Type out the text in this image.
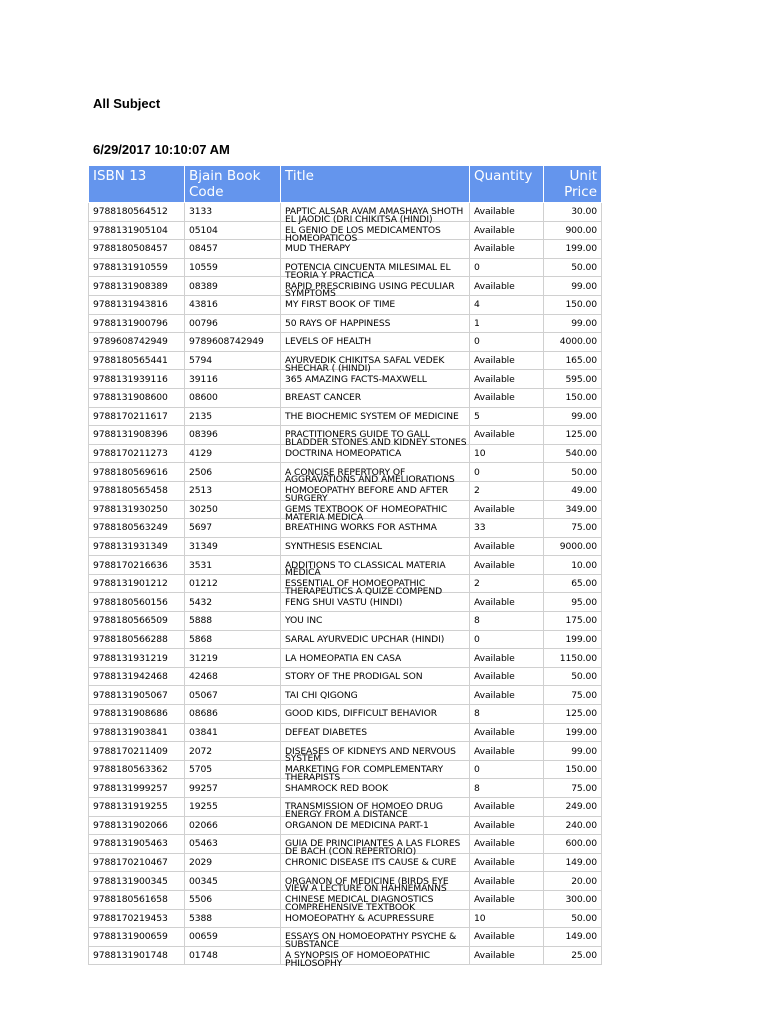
All Subject
6/29/2017 10:10:07 AM
ISBN 13	Bjain Book Code	Title	Quantity	Unit Price
9788180564512	3133	PAPTIC ALSAR AVAM AMASHAYA SHOTH
EL JAODIC (DRI CHIKITSA (HINDI)	Available	30.00
9788131905104	05104	EL GENIO DE LOS MEDICAMENTOS
HOMEOPATICOS	Available	900.00
9788180508457	08457	MUD THERAPY	Available	199.00
9788131910559	10559	POTENCIA CINCUENTA MILESIMAL EL
TEORIA Y PRACTICA	0	50.00
9788131908389	08389	RAPID PRESCRIBING USING PECULIAR
SYMPTOMS	Available	99.00
9788131943816	43816	MY FIRST BOOK OF TIME	4	150.00
9788131900796	00796	50 RAYS OF HAPPINESS	1	99.00
9789608742949	9789608742949	LEVELS OF HEALTH	0	4000.00
9788180565441	5794	AYURVEDIK CHIKITSA SAFAL VEDEK
SHECHAR ( (HINDI)	Available	165.00
9788131939116	39116	365 AMAZING FACTS-MAXWELL	Available	595.00
9788131908600	08600	BREAST CANCER	Available	150.00
9788170211617	2135	THE BIOCHEMIC SYSTEM OF MEDICINE	5	99.00
9788131908396	08396	PRACTITIONERS GUIDE TO GALL
BLADDER STONES AND KIDNEY STONES	Available	125.00
9788170211273	4129	DOCTRINA HOMEOPATICA	10	540.00
9788180569616	2506	A CONCISE REPERTORY OF
AGGRAVATIONS AND AMELIORATIONS	0	50.00
9788180565458	2513	HOMOEOPATHY BEFORE AND AFTER
SURGERY	2	49.00
9788131930250	30250	GEMS TEXTBOOK OF HOMEOPATHIC
MATERIA MEDICA	Available	349.00
9788180563249	5697	BREATHING WORKS FOR ASTHMA	33	75.00
9788131931349	31349	SYNTHESIS ESENCIAL	Available	9000.00
9788170216636	3531	ADDITIONS TO CLASSICAL MATERIA
MEDICA	Available	10.00
9788131901212	01212	ESSENTIAL OF HOMOEOPATHIC
THERAPEUTICS A QUIZE COMPEND	2	65.00
9788180560156	5432	FENG SHUI VASTU (HINDI)	Available	95.00
9788180566509	5888	YOU INC	8	175.00
9788180566288	5868	SARAL AYURVEDIC UPCHAR (HINDI)	0	199.00
9788131931219	31219	LA HOMEOPATIA EN CASA	Available	1150.00
9788131942468	42468	STORY OF THE PRODIGAL SON	Available	50.00
9788131905067	05067	TAI CHI QIGONG	Available	75.00
9788131908686	08686	GOOD KIDS, DIFFICULT BEHAVIOR	8	125.00
9788131903841	03841	DEFEAT DIABETES	Available	199.00
9788170211409	2072	DISEASES OF KIDNEYS AND NERVOUS
SYSTEM	Available	99.00
9788180563362	5705	MARKETING FOR COMPLEMENTARY
THERAPISTS	0	150.00
9788131999257	99257	SHAMROCK RED BOOK	8	75.00
9788131919255	19255	TRANSMISSION OF HOMOEO DRUG
ENERGY FROM A DISTANCE	Available	249.00
9788131902066	02066	ORGANON DE MEDICINA PART-1	Available	240.00
9788131905463	05463	GUIA DE PRINCIPIANTES A LAS FLORES
DE BACH (CON REPERTORIO)	Available	600.00
9788170210467	2029	CHRONIC DISEASE ITS CAUSE & CURE	Available	149.00
9788131900345	00345	ORGANON OF MEDICINE (BIRDS EYE
VIEW A LECTURE ON HAHNEMANNS	Available	20.00
9788180561658	5506	CHINESE MEDICAL DIAGNOSTICS
COMPREHENSIVE TEXTBOOK	Available	300.00
9788170219453	5388	HOMOEOPATHY & ACUPRESSURE	10	50.00
9788131900659	00659	ESSAYS ON HOMOEOPATHY PSYCHE &
SUBSTANCE	Available	149.00
9788131901748	01748	A SYNOPSIS OF HOMOEOPATHIC
PHILOSOPHY	Available	25.00
